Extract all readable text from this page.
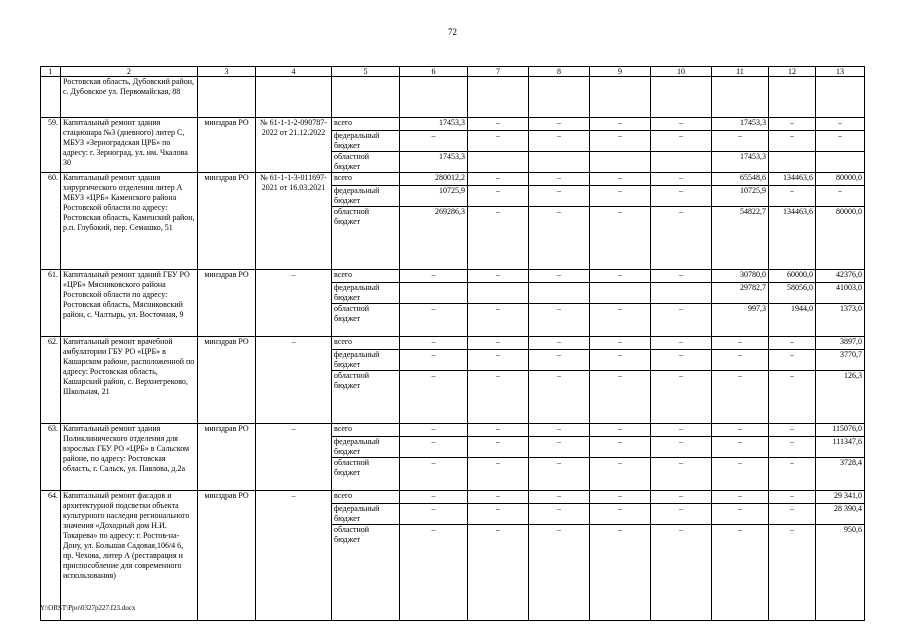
72
1	2	3	4	5	6	7	8	9	10	11	12	13
	Ростовская область, Дубовский район, с. Дубовское ул. Первомайская, 88											
59.	Капитальный ремонт здания стационара №3 (дневного) литер С, МБУЗ «Зерноградская ЦРБ» по адресу: г. Зерноград, ул. им. Чкалова 30	минздрав РО	№ 61-1-1-2-090787-2022 от 21.12.2022	всего	17453,3	–	–	–	–	17453,3	–	–
				федеральный бюджет	–	–	–	–	–	–	–	–
				областной бюджет	17453,3					17453,3		
60.	Капитальный ремонт здания хирургического отделения литер А МБУЗ «ЦРБ» Каменского района Ростовской области по адресу: Ростовская область, Каменский район, р.п. Глубокий, пер. Семашко, 51	минздрав РО	№ 61-1-1-3-011697-2021 от 16.03.2021	всего	280012,2	–	–	–	–	65548,6	134463,6	80000,0
				федеральный бюджет	10725,9	–	–	–	–	10725,9	–	–
				областной бюджет	269286,3	–	–	–	–	54822,7	134463,6	80000,0
61.	Капитальный ремонт зданий ГБУ РО «ЦРБ» Мясниковского района Ростовской области по адресу: Ростовская область, Мясниковский район, с. Чалтырь, ул. Восточная, 9	минздрав РО	–	всего	–	–	–	–	–	30780,0	60000,0	42376,0
				федеральный бюджет						29782,7	58056,0	41003,0
				областной бюджет	–	–	–	–	–	997,3	1944,0	1373,0
62.	Капитальный ремонт врачебной амбулатории ГБУ РО «ЦРБ» в Кашарском районе, расположенной по адресу: Ростовская область, Кашарский район, с. Верхнегреково, Школьная, 21	минздрав РО	–	всего	–	–	–	–	–	–	–	3897,0
				федеральный бюджет	–	–	–	–	–	–	–	3770,7
				областной бюджет	–	–	–	–	–	–	–	126,3
63.	Капитальный ремонт здания Поликлинического отделения для взрослых ГБУ РО «ЦРБ» в Сальском районе, по адресу: Ростовская область, г. Сальск, ул. Павлова, д.2а	минздрав РО	–	всего	–	–	–	–	–	–	–	115076,0
				федеральный бюджет	–	–	–	–	–	–	–	111347,6
				областной бюджет	–	–	–	–	–	–	–	3728,4
64.	Капитальный ремонт фасадов и архитектурной подсветки объекта культурного наследия регионального значения «Доходный дом Н.И. Токарева» по адресу: г. Ростов-на-Дону, ул. Большая Садовая,106/4 6, пр. Чехова, литер А (реставрация и приспособление для современного использования)	минздрав РО	–	всего	–	–	–	–	–	–	–	29 341,0
				федеральный бюджет	–	–	–	–	–	–	–	28 390,4
				областной бюджет	–	–	–	–	–	–	–	950,6
Y:\ORST\Ppo\0327p227.f23.docx
